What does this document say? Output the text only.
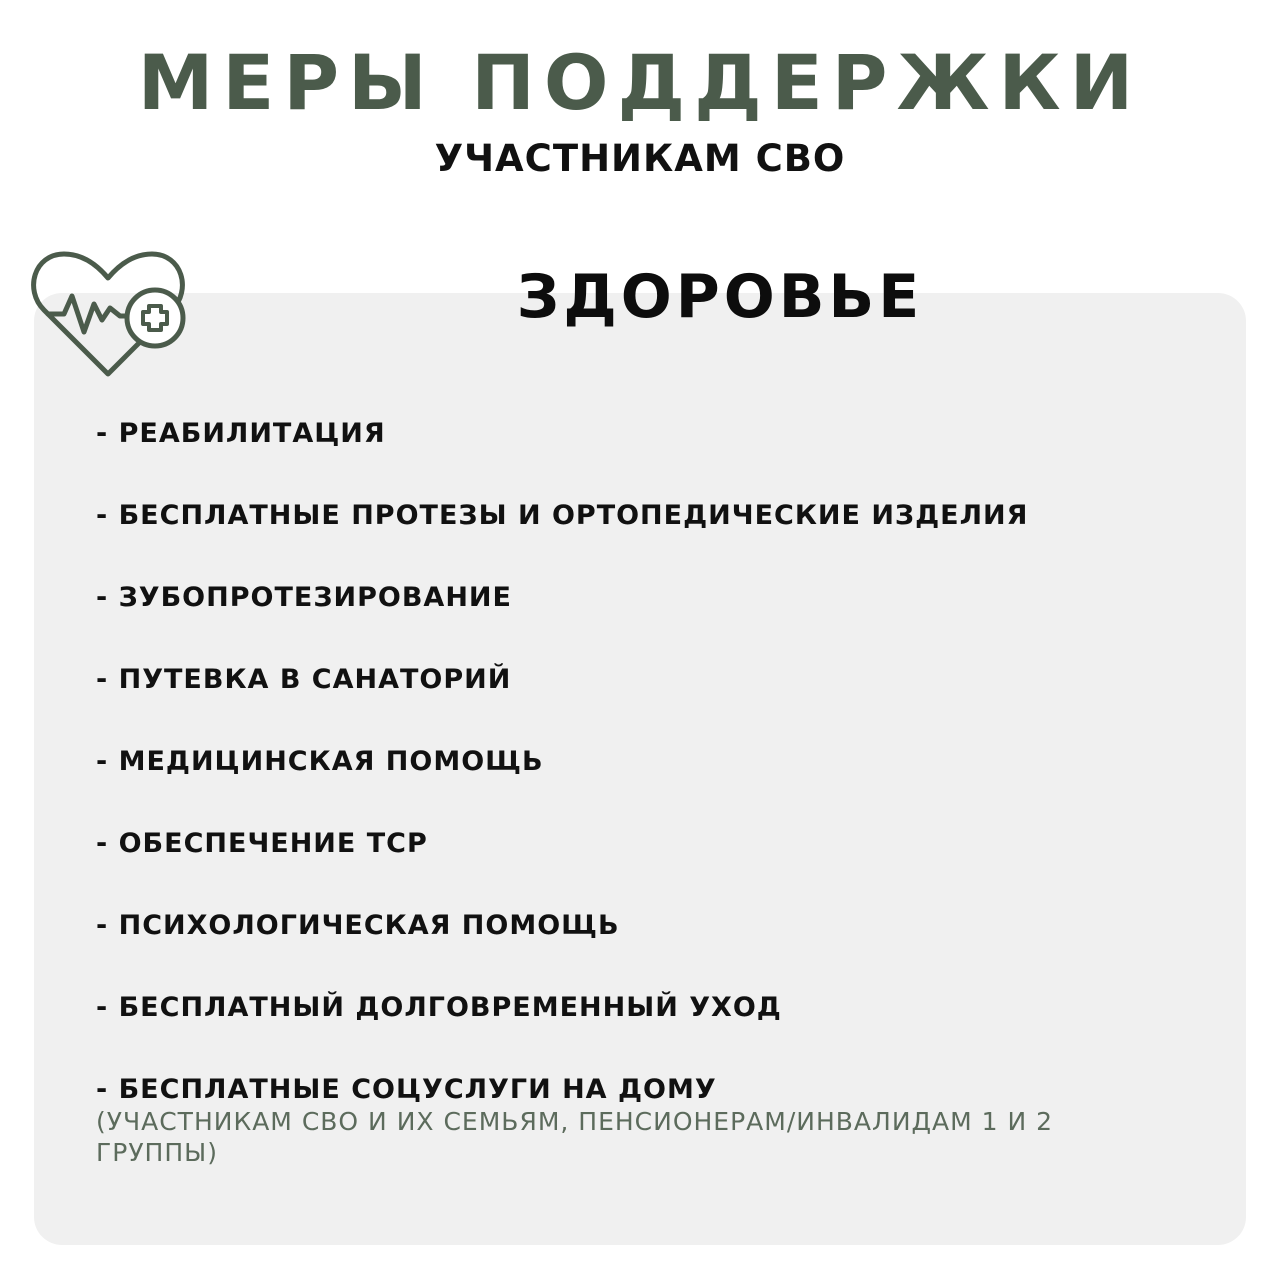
МЕРЫ ПОДДЕРЖКИ
УЧАСТНИКАМ СВО
ЗДОРОВЬЕ
- РЕАБИЛИТАЦИЯ
- БЕСПЛАТНЫЕ ПРОТЕЗЫ И ОРТОПЕДИЧЕСКИЕ ИЗДЕЛИЯ
- ЗУБОПРОТЕЗИРОВАНИЕ
- ПУТЕВКА В САНАТОРИЙ
- МЕДИЦИНСКАЯ ПОМОЩЬ
- ОБЕСПЕЧЕНИЕ ТСР
- ПСИХОЛОГИЧЕСКАЯ ПОМОЩЬ
- БЕСПЛАТНЫЙ ДОЛГОВРЕМЕННЫЙ УХОД
- БЕСПЛАТНЫЕ СОЦУСЛУГИ НА ДОМУ
(УЧАСТНИКАМ СВО И ИХ СЕМЬЯМ, ПЕНСИОНЕРАМ/ИНВАЛИДАМ 1 И 2 ГРУППЫ)
